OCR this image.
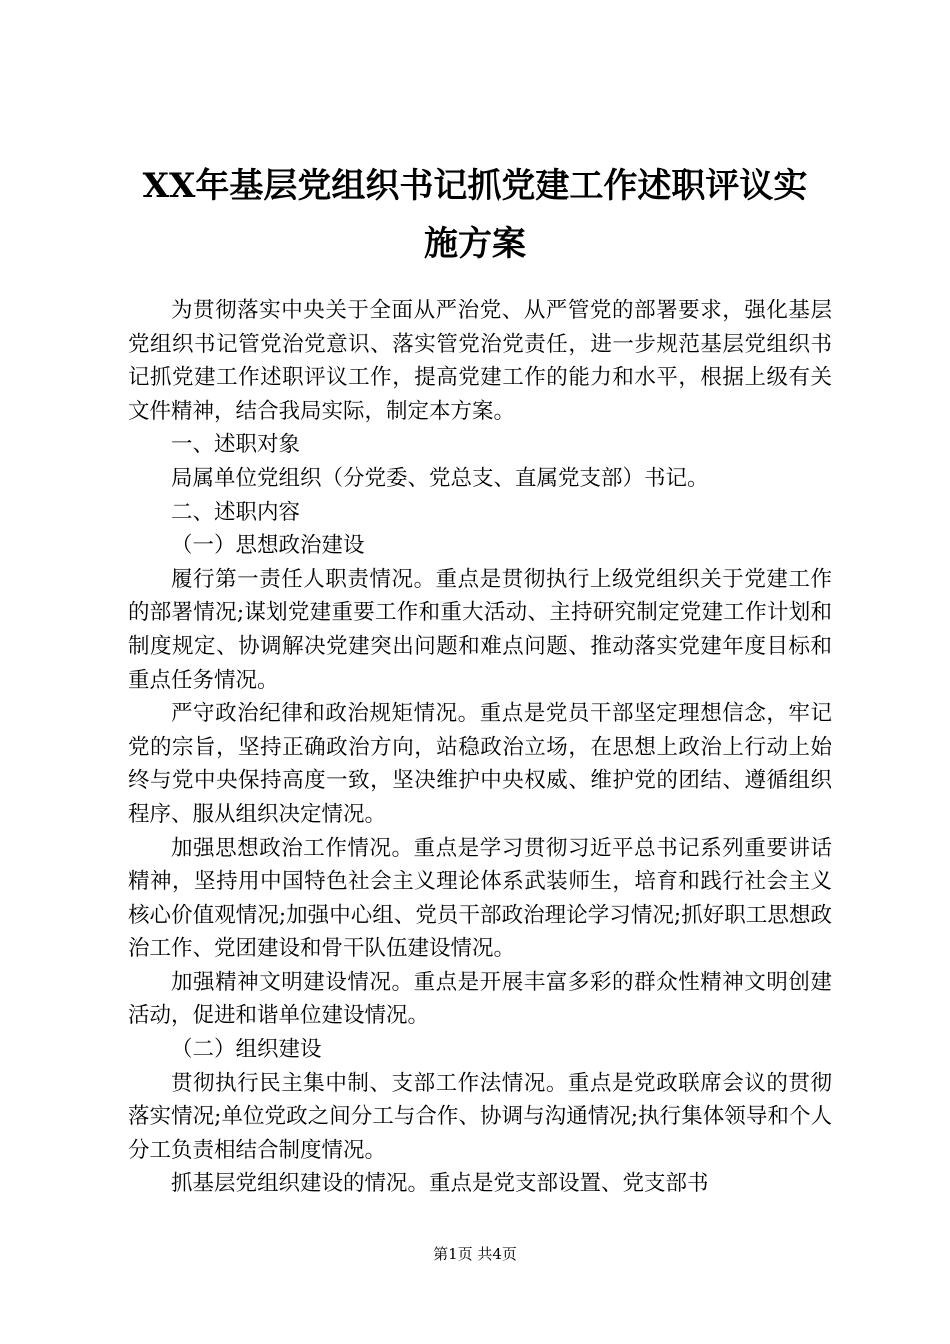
XX年基层党组织书记抓党建工作述职评议实
施方案

为贯彻落实中央关于全面从严治党、从严管党的部署要求，强化基层党组织书记管党治党意识、落实管党治党责任，进一步规范基层党组织书记抓党建工作述职评议工作，提高党建工作的能力和水平，根据上级有关文件精神，结合我局实际，制定本方案。

一、述职对象

局属单位党组织（分党委、党总支、直属党支部）书记。

二、述职内容

（一）思想政治建设

履行第一责任人职责情况。重点是贯彻执行上级党组织关于党建工作的部署情况;谋划党建重要工作和重大活动、主持研究制定党建工作计划和制度规定、协调解决党建突出问题和难点问题、推动落实党建年度目标和重点任务情况。

严守政治纪律和政治规矩情况。重点是党员干部坚定理想信念，牢记党的宗旨，坚持正确政治方向，站稳政治立场，在思想上政治上行动上始终与党中央保持高度一致，坚决维护中央权威、维护党的团结、遵循组织程序、服从组织决定情况。

加强思想政治工作情况。重点是学习贯彻习近平总书记系列重要讲话精神，坚持用中国特色社会主义理论体系武装师生，培育和践行社会主义核心价值观情况;加强中心组、党员干部政治理论学习情况;抓好职工思想政治工作、党团建设和骨干队伍建设情况。

加强精神文明建设情况。重点是开展丰富多彩的群众性精神文明创建活动，促进和谐单位建设情况。

（二）组织建设

贯彻执行民主集中制、支部工作法情况。重点是党政联席会议的贯彻落实情况;单位党政之间分工与合作、协调与沟通情况;执行集体领导和个人分工负责相结合制度情况。

抓基层党组织建设的情况。重点是党支部设置、党支部书

第1页 共4页
